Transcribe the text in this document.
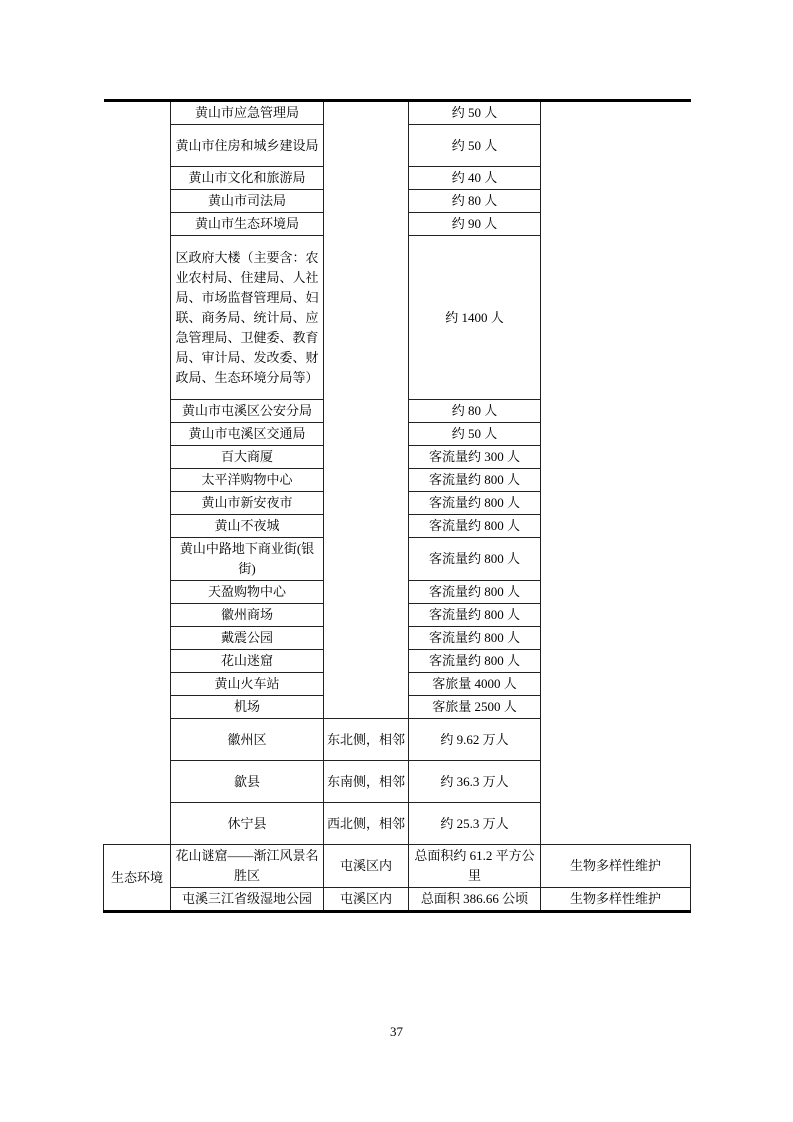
	黄山市应急管理局		约 50 人	
	黄山市住房和城乡建设局		约 50 人	
	黄山市文化和旅游局		约 40 人	
	黄山市司法局		约 80 人	
	黄山市生态环境局		约 90 人	
	区政府大楼（主要含：农业农村局、住建局、人社局、市场监督管理局、妇联、商务局、统计局、应急管理局、卫健委、教育局、审计局、发改委、财政局、生态环境分局等）		约 1400 人	
	黄山市屯溪区公安分局		约 80 人	
	黄山市屯溪区交通局		约 50 人	
	百大商厦		客流量约 300 人	
	太平洋购物中心		客流量约 800 人	
	黄山市新安夜市		客流量约 800 人	
	黄山不夜城		客流量约 800 人	
	黄山中路地下商业街(银街)		客流量约 800 人	
	天盈购物中心		客流量约 800 人	
	徽州商场		客流量约 800 人	
	戴震公园		客流量约 800 人	
	花山迷窟		客流量约 800 人	
	黄山火车站		客旅量 4000 人	
	机场		客旅量 2500 人	
	徽州区	东北侧，相邻	约 9.62 万人	
	歙县	东南侧，相邻	约 36.3 万人	
	休宁县	西北侧，相邻	约 25.3 万人	
生态环境	花山谜窟——渐江风景名胜区	屯溪区内	总面积约 61.2 平方公里	生物多样性维护
	屯溪三江省级湿地公园	屯溪区内	总面积 386.66 公顷	生物多样性维护
37
